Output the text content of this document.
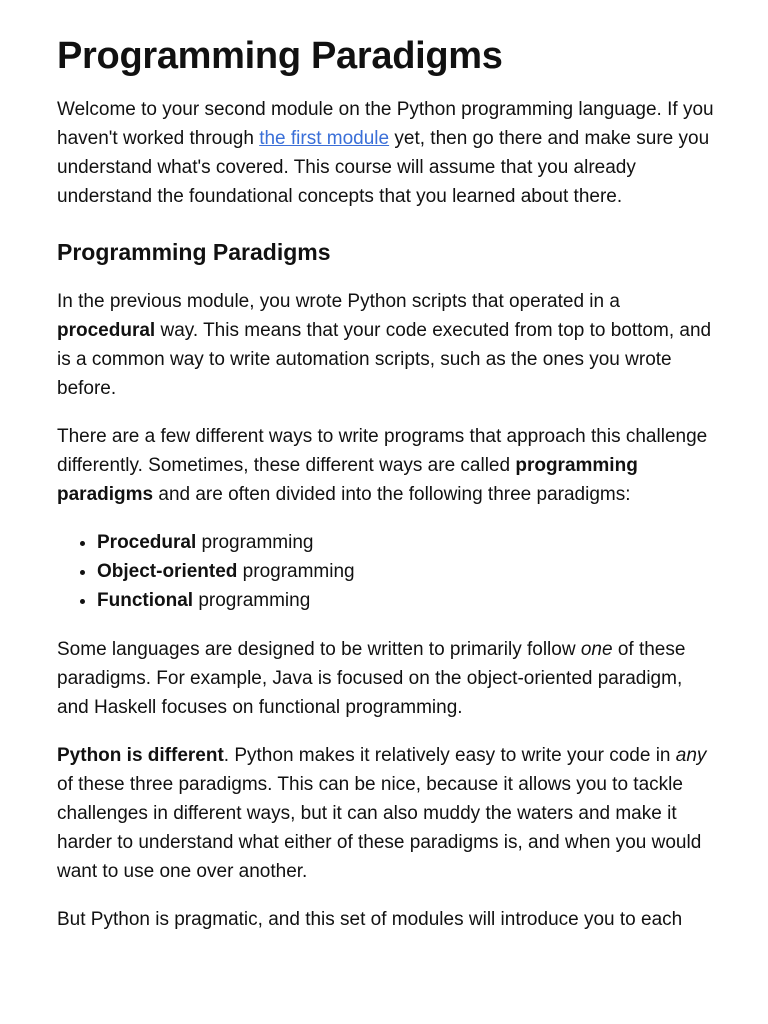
Programming Paradigms

Welcome to your second module on the Python programming language. If you haven't worked through the first module yet, then go there and make sure you understand what's covered. This course will assume that you already understand the foundational concepts that you learned about there.

Programming Paradigms

In the previous module, you wrote Python scripts that operated in a procedural way. This means that your code executed from top to bottom, and is a common way to write automation scripts, such as the ones you wrote before.

There are a few different ways to write programs that approach this challenge differently. Sometimes, these different ways are called programming paradigms and are often divided into the following three paradigms:

• Procedural programming
• Object-oriented programming
• Functional programming

Some languages are designed to be written to primarily follow one of these paradigms. For example, Java is focused on the object-oriented paradigm, and Haskell focuses on functional programming.

Python is different. Python makes it relatively easy to write your code in any of these three paradigms. This can be nice, because it allows you to tackle challenges in different ways, but it can also muddy the waters and make it harder to understand what either of these paradigms is, and when you would want to use one over another.

But Python is pragmatic, and this set of modules will introduce you to each
